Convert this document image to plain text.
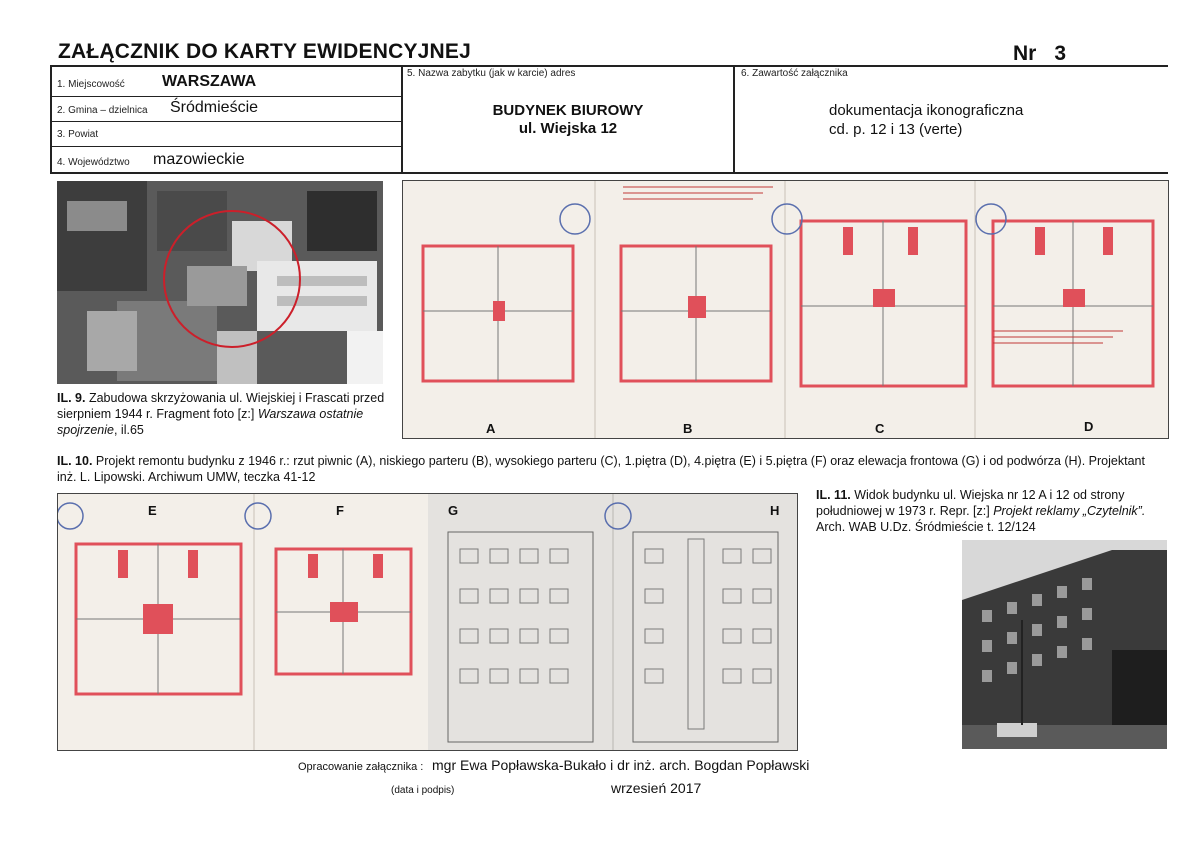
ZAŁĄCZNIK DO KARTY EWIDENCYJNEJ	Nr 3
1. Miejscowość WARSZAWA
2. Gmina – dzielnica Śródmieście
3. Powiat
4. Województwo mazowieckie
5. Nazwa zabytku (jak w karcie) adres
BUDYNEK BIUROWY
ul. Wiejska 12
6. Zawartość załącznika
dokumentacja ikonograficzna
cd. p. 12 i 13 (verte)
IL. 9. Zabudowa skrzyżowania ul. Wiejskiej i Frascati przed sierpniem 1944 r. Fragment foto [z:] Warszawa ostatnie spojrzenie, il.65	A	B	C	D
IL. 10. Projekt remontu budynku z 1946 r.: rzut piwnic (A), niskiego parteru (B), wysokiego parteru (C), 1.piętra (D), 4.piętra (E) i 5.piętra (F) oraz elewacja frontowa (G) i od podwórza (H). Projektant inż. L. Lipowski. Archiwum UMW, teczka 41-12
E	F	G	H
IL. 11. Widok budynku ul. Wiejska nr 12 A i 12 od strony południowej w 1973 r. Repr. [z:] Projekt reklamy „Czytelnik”. Arch. WAB U.Dz. Śródmieście t. 12/124
Opracowanie załącznika : mgr Ewa Popławska-Bukało i dr inż. arch. Bogdan Popławski
(data i podpis)	wrzesień 2017
